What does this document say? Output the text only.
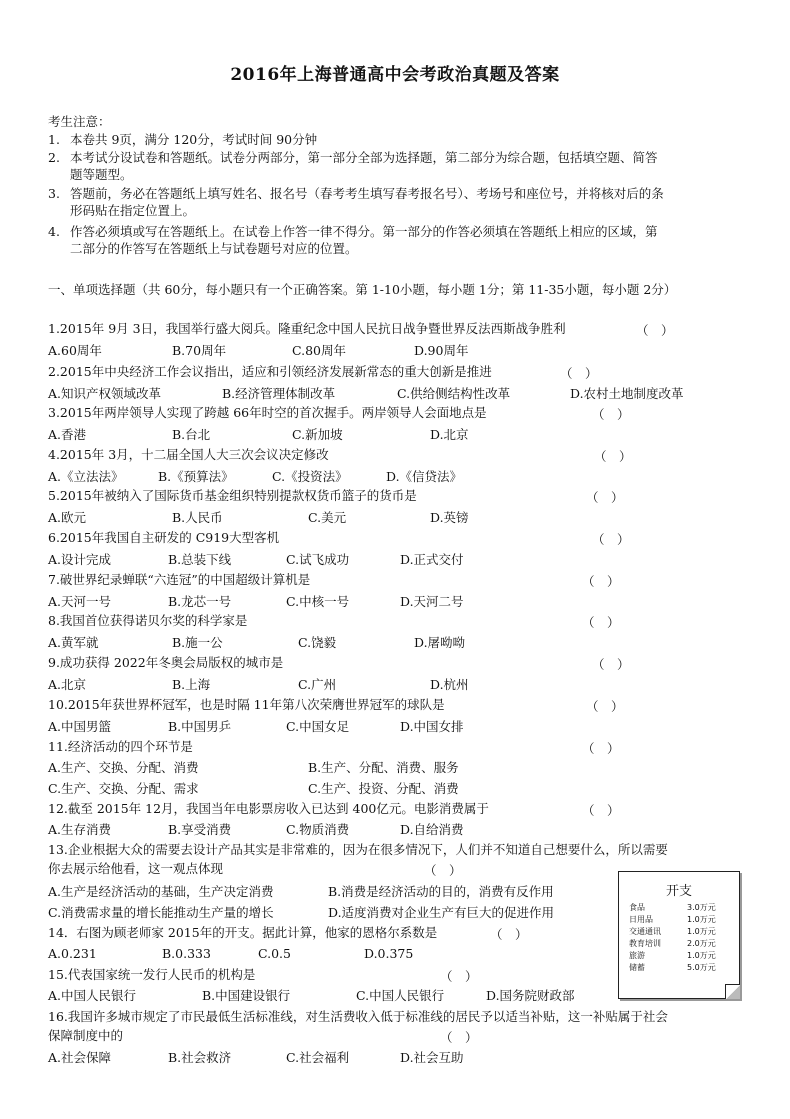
2016年上海普通高中会考政治真题及答案
考生注意：
1. 本卷共 9页，满分 120分，考试时间 90分钟
2. 本考试分设试卷和答题纸。试卷分两部分，第一部分全部为选择题，第二部分为综合题，包括填空题、简答
题等题型。
3. 答题前，务必在答题纸上填写姓名、报名号（春考考生填写春考报名号）、考场号和座位号，并将核对后的条
形码贴在指定位置上。
4. 作答必须填或写在答题纸上。在试卷上作答一律不得分。第一部分的作答必须填在答题纸上相应的区域，第
二部分的作答写在答题纸上与试卷题号对应的位置。
一、单项选择题（共 60分，每小题只有一个正确答案。第 1-10小题，每小题 1分；第 11-35小题，每小题 2分）
1.2015年 9月 3日，我国举行盛大阅兵。隆重纪念中国人民抗日战争暨世界反法西斯战争胜利	（　）
A.60周年	B.70周年	C.80周年	D.90周年
2.2015年中央经济工作会议指出，适应和引领经济发展新常态的重大创新是推进	（　）
A.知识产权领域改革	B.经济管理体制改革	C.供给侧结构性改革	D.农村土地制度改革
3.2015年两岸领导人实现了跨越 66年时空的首次握手。两岸领导人会面地点是	（　）
A.香港	B.台北	C.新加坡	D.北京
4.2015年 3月，十二届全国人大三次会议决定修改	（　）
A.《立法法》	B.《预算法》	C.《投资法》	D.《信贷法》
5.2015年被纳入了国际货币基金组织特别提款权货币篮子的货币是	（　）
A.欧元	B.人民币	C.美元	D.英镑
6.2015年我国自主研发的 C919大型客机	（　）
A.设计完成	B.总装下线	C.试飞成功	D.正式交付
7.破世界纪录蝉联“六连冠”的中国超级计算机是	（　）
A.天河一号	B.龙芯一号	C.中核一号	D.天河二号
8.我国首位获得诺贝尔奖的科学家是	（　）
A.黄军就	B.施一公	C.饶毅	D.屠呦呦
9.成功获得 2022年冬奥会局版权的城市是	（　）
A.北京	B.上海	C.广州	D.杭州
10.2015年获世界杯冠军，也是时隔 11年第八次荣膺世界冠军的球队是	（　）
A.中国男篮	B.中国男乒	C.中国女足	D.中国女排
11.经济活动的四个环节是	（　）
A.生产、交换、分配、消费	B.生产、分配、消费、服务
C.生产、交换、分配、需求	C.生产、投资、分配、消费
12.截至 2015年 12月，我国当年电影票房收入已达到 400亿元。电影消费属于	（　）
A.生存消费	B.享受消费	C.物质消费	D.自给消费
13.企业根据大众的需要去设计产品其实是非常难的，因为在很多情况下，人们并不知道自己想要什么，所以需要
你去展示给他看，这一观点体现	（　）
A.生产是经济活动的基础，生产决定消费	B.消费是经济活动的目的，消费有反作用
C.消费需求量的增长能推动生产量的增长	D.适度消费对企业生产有巨大的促进作用
14．右图为顾老师家 2015年的开支。据此计算，他家的恩格尔系数是	（　）
A.0.231	B.0.333	C.0.5	D.0.375
15.代表国家统一发行人民币的机构是	（　）
A.中国人民银行	B.中国建设银行	C.中国人民银行	D.国务院财政部
16.我国许多城市规定了市民最低生活标准线，对生活费收入低于标准线的居民予以适当补贴，这一补贴属于社会
保障制度中的	（　）
A.社会保障	B.社会救济	C.社会福利	D.社会互助
开支
食品	3.0万元
日用品	1.0万元
交通通讯	1.0万元
教育培训	2.0万元
旅游	1.0万元
储蓄	5.0万元
